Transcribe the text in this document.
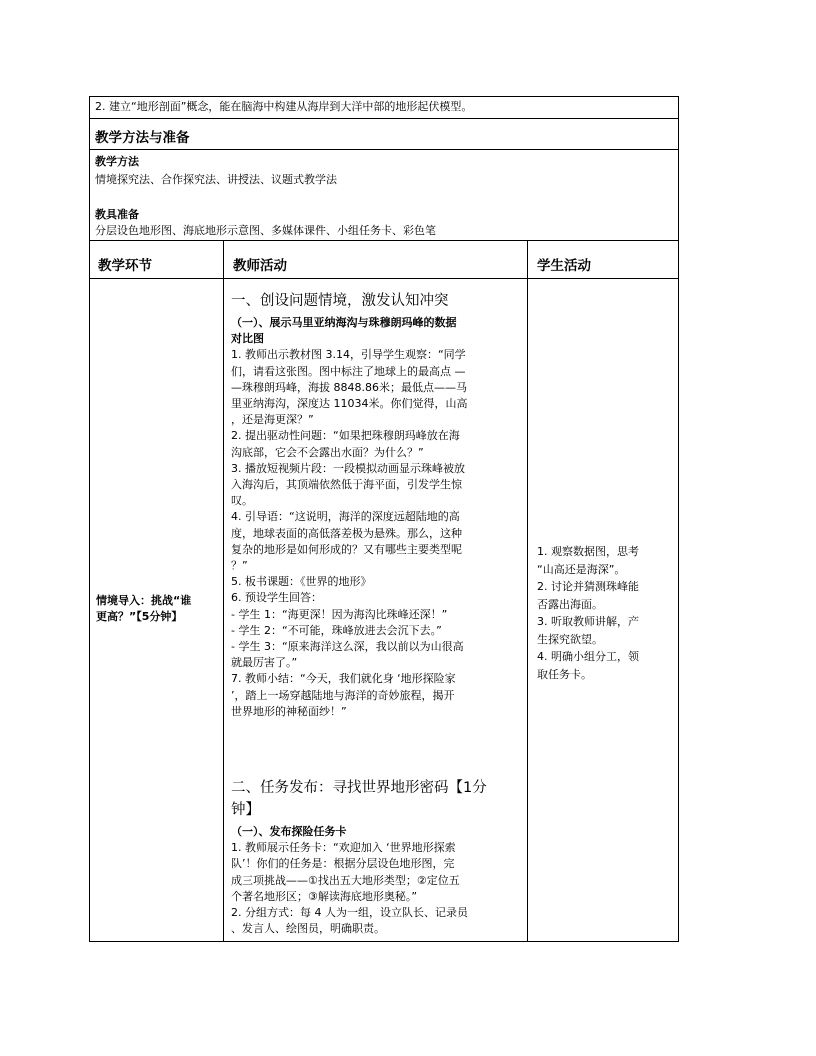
2. 建立“地形剖面”概念，能在脑海中构建从海岸到大洋中部的地形起伏模型。
教学方法与准备
教学方法
情境探究法、合作探究法、讲授法、议题式教学法
教具准备
分层设色地形图、海底地形示意图、多媒体课件、小组任务卡、彩色笔
教学环节	教师活动	学生活动
情境导入：挑战“谁
更高？”【5分钟】
一、创设问题情境，激发认知冲突
（一）、展示马里亚纳海沟与珠穆朗玛峰的数据
对比图
1. 教师出示教材图 3.14，引导学生观察：“同学
们，请看这张图。图中标注了地球上的最高点 —
—珠穆朗玛峰，海拔 8848.86米；最低点——马
里亚纳海沟，深度达 11034米。你们觉得，山高
，还是海更深？”
2. 提出驱动性问题：“如果把珠穆朗玛峰放在海
沟底部，它会不会露出水面？为什么？”
3. 播放短视频片段：一段模拟动画显示珠峰被放
入海沟后，其顶端依然低于海平面，引发学生惊
叹。
4. 引导语：“这说明，海洋的深度远超陆地的高
度，地球表面的高低落差极为悬殊。那么，这种
复杂的地形是如何形成的？又有哪些主要类型呢
？”
5. 板书课题：《世界的地形》
6. 预设学生回答：
- 学生 1：“海更深！因为海沟比珠峰还深！”
- 学生 2：“不可能，珠峰放进去会沉下去。”
- 学生 3：“原来海洋这么深，我以前以为山很高
就最厉害了。”
7. 教师小结：“今天，我们就化身 ‘地形探险家
’，踏上一场穿越陆地与海洋的奇妙旅程，揭开
世界地形的神秘面纱！”
二、任务发布：寻找世界地形密码【1分
钟】
（一）、发布探险任务卡
1. 教师展示任务卡：“欢迎加入 ‘世界地形探索
队’！你们的任务是：根据分层设色地形图，完
成三项挑战——①找出五大地形类型；②定位五
个著名地形区；③解读海底地形奥秘。”
2. 分组方式：每 4 人为一组，设立队长、记录员
、发言人、绘图员，明确职责。
1. 观察数据图，思考
“山高还是海深”。
2. 讨论并猜测珠峰能
否露出海面。
3. 听取教师讲解，产
生探究欲望。
4. 明确小组分工，领
取任务卡。
